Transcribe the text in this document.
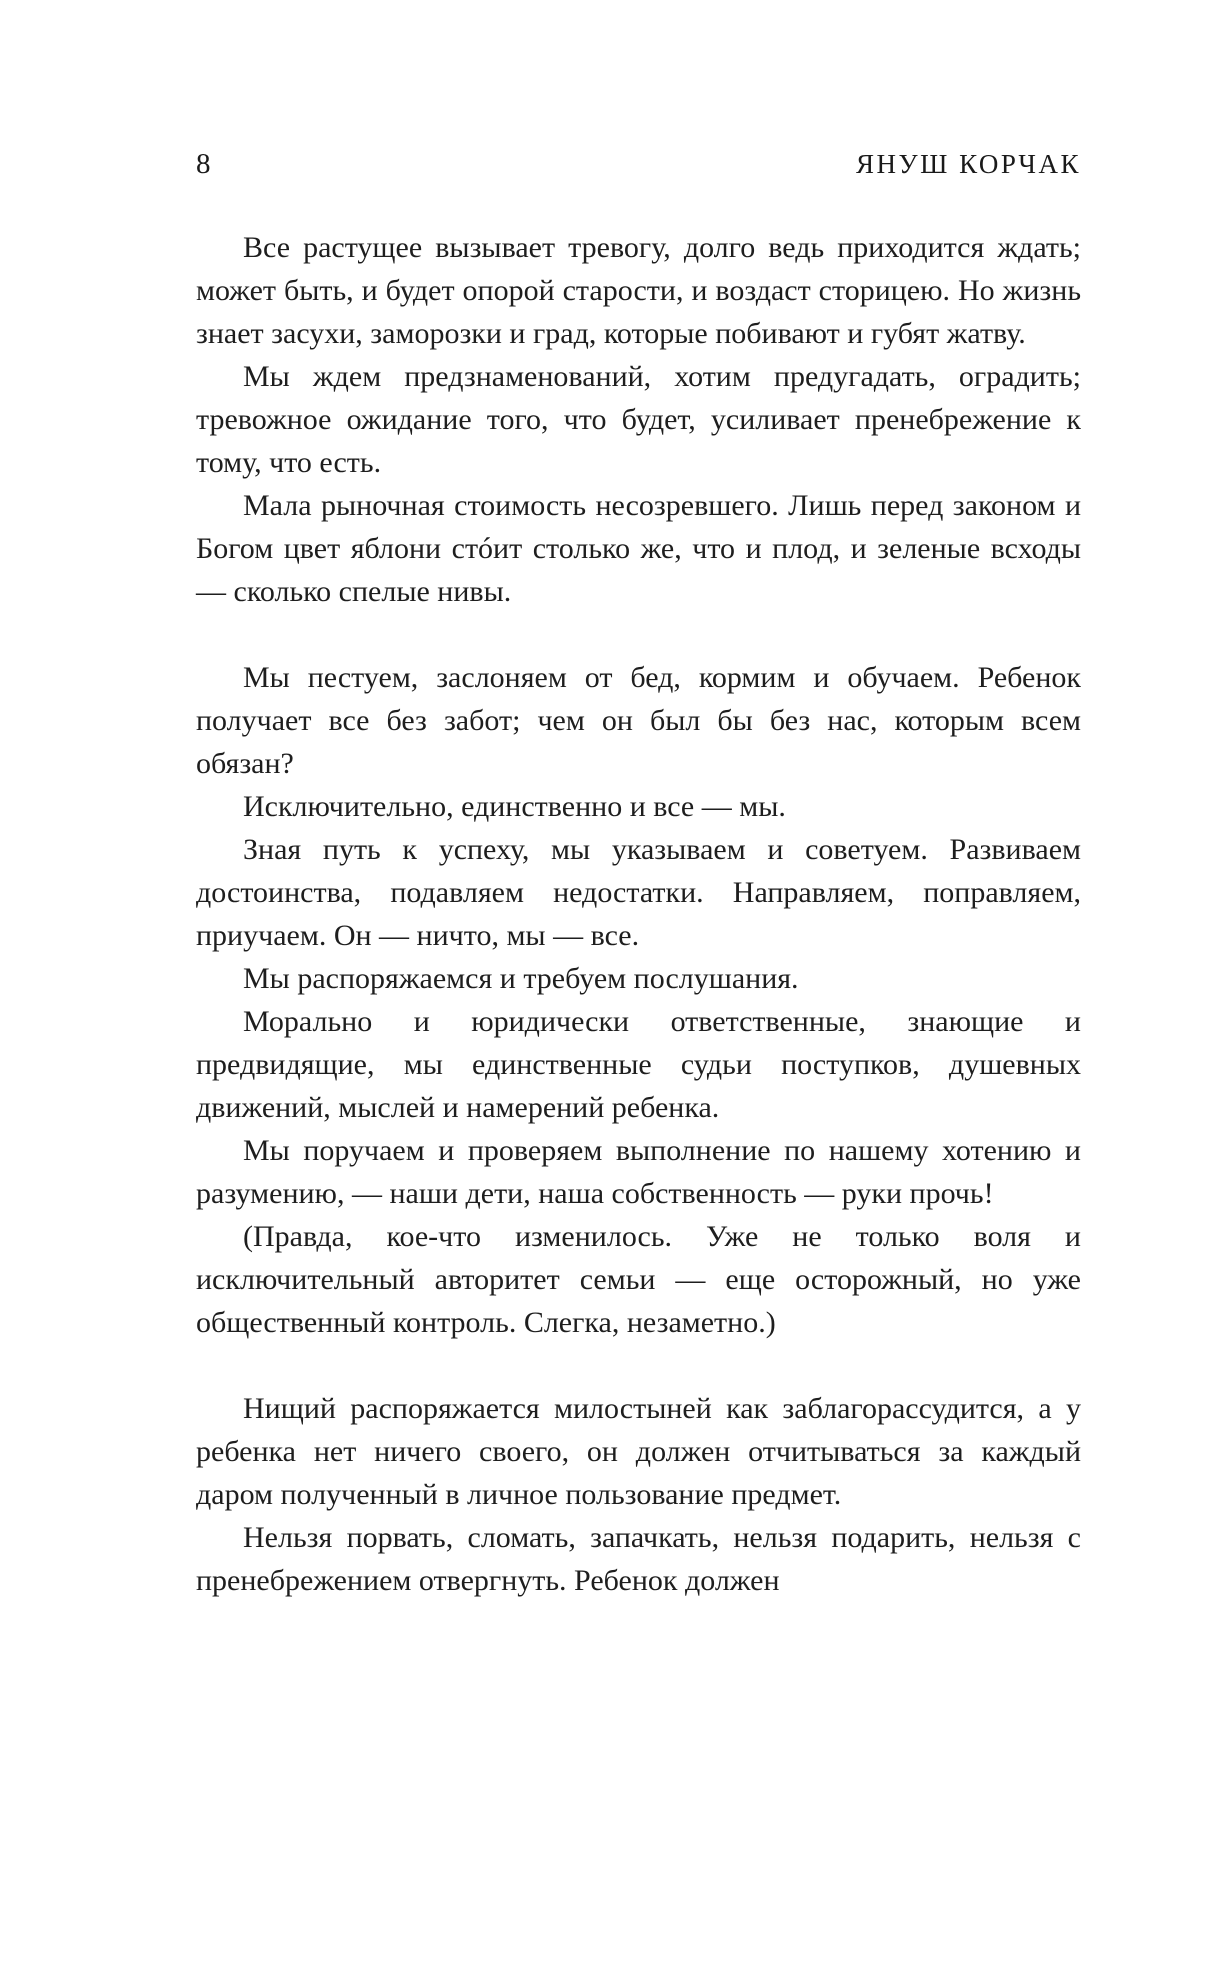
8	ЯНУШ КОРЧАК

Все растущее вызывает тревогу, долго ведь приходится ждать; может быть, и будет опорой старости, и воздаст сторицею. Но жизнь знает засухи, заморозки и град, которые побивают и губят жатву.

Мы ждем предзнаменований, хотим предугадать, оградить; тревожное ожидание того, что будет, усиливает пренебрежение к тому, что есть.

Мала рыночная стоимость несозревшего. Лишь перед законом и Богом цвет яблони стóит столько же, что и плод, и зеленые всходы — сколько спелые нивы.

Мы пестуем, заслоняем от бед, кормим и обучаем. Ребенок получает все без забот; чем он был бы без нас, которым всем обязан?

Исключительно, единственно и все — мы.

Зная путь к успеху, мы указываем и советуем. Развиваем достоинства, подавляем недостатки. Направляем, поправляем, приучаем. Он — ничто, мы — все.

Мы распоряжаемся и требуем послушания.

Морально и юридически ответственные, знающие и предвидящие, мы единственные судьи поступков, душевных движений, мыслей и намерений ребенка.

Мы поручаем и проверяем выполнение по нашему хотению и разумению, — наши дети, наша собственность — руки прочь!

(Правда, кое-что изменилось. Уже не только воля и исключительный авторитет семьи — еще осторожный, но уже общественный контроль. Слегка, незаметно.)

Нищий распоряжается милостыней как заблагорассудится, а у ребенка нет ничего своего, он должен отчитываться за каждый даром полученный в личное пользование предмет.

Нельзя порвать, сломать, запачкать, нельзя подарить, нельзя с пренебрежением отвергнуть. Ребенок должен
